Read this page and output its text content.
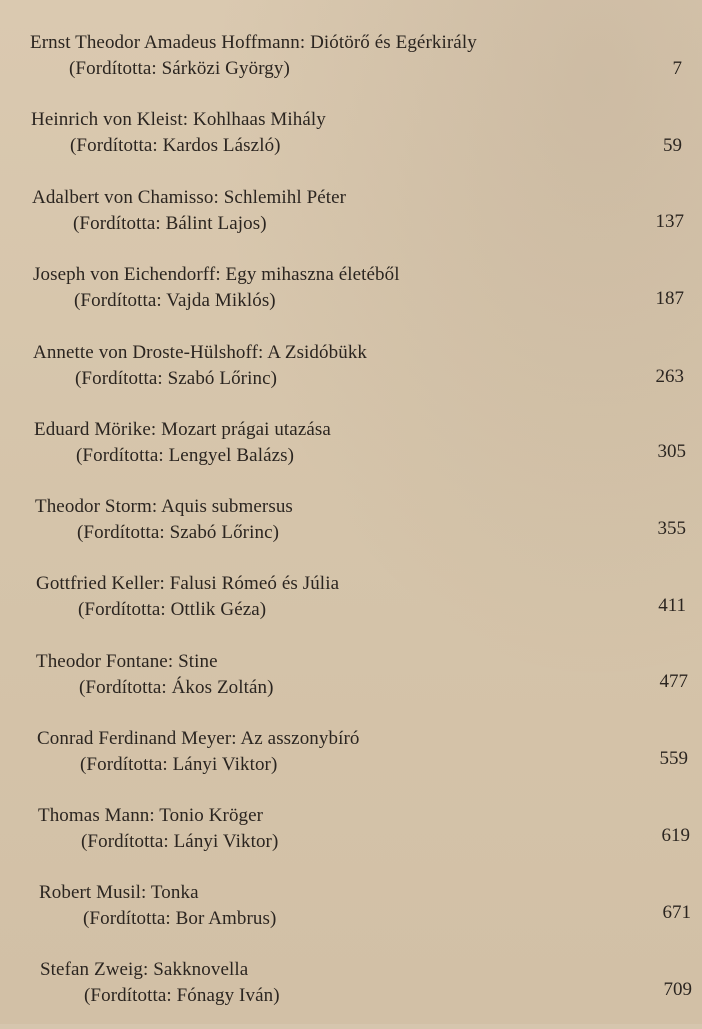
Ernst Theodor Amadeus Hoffmann: Diótörő és Egérkirály
(Fordította: Sárközi György)	7
Heinrich von Kleist: Kohlhaas Mihály
(Fordította: Kardos László)	59
Adalbert von Chamisso: Schlemihl Péter
(Fordította: Bálint Lajos)	137
Joseph von Eichendorff: Egy mihaszna életéből
(Fordította: Vajda Miklós)	187
Annette von Droste-Hülshoff: A Zsidóbükk
(Fordította: Szabó Lőrinc)	263
Eduard Mörike: Mozart prágai utazása
(Fordította: Lengyel Balázs)	305
Theodor Storm: Aquis submersus
(Fordította: Szabó Lőrinc)	355
Gottfried Keller: Falusi Rómeó és Júlia
(Fordította: Ottlik Géza)	411
Theodor Fontane: Stine
(Fordította: Ákos Zoltán)	477
Conrad Ferdinand Meyer: Az asszonybíró
(Fordította: Lányi Viktor)	559
Thomas Mann: Tonio Kröger
(Fordította: Lányi Viktor)	619
Robert Musil: Tonka
(Fordította: Bor Ambrus)	671
Stefan Zweig: Sakknovella
(Fordította: Fónagy Iván)	709
